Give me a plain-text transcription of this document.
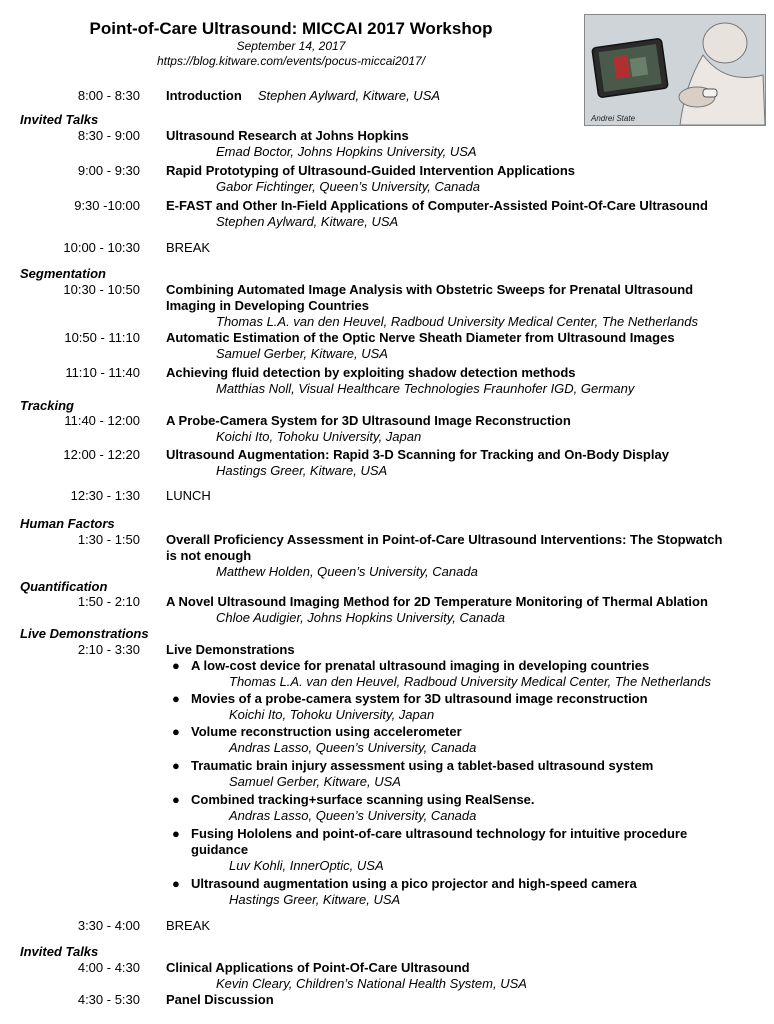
Point-of-Care Ultrasound: MICCAI 2017 Workshop
September 14, 2017
https://blog.kitware.com/events/pocus-miccai2017/
Andrei State
8:00 - 8:30 Introduction Stephen Aylward, Kitware, USA
Invited Talks
8:30 - 9:00 Ultrasound Research at Johns Hopkins
Emad Boctor, Johns Hopkins University, USA
9:00 - 9:30 Rapid Prototyping of Ultrasound-Guided Intervention Applications
Gabor Fichtinger, Queen’s University, Canada
9:30 -10:00 E-FAST and Other In-Field Applications of Computer-Assisted Point-Of-Care Ultrasound
Stephen Aylward, Kitware, USA
10:00 - 10:30 BREAK
Segmentation
10:30 - 10:50 Combining Automated Image Analysis with Obstetric Sweeps for Prenatal Ultrasound
Imaging in Developing Countries
Thomas L.A. van den Heuvel, Radboud University Medical Center, The Netherlands
10:50 - 11:10 Automatic Estimation of the Optic Nerve Sheath Diameter from Ultrasound Images
Samuel Gerber, Kitware, USA
11:10 - 11:40 Achieving fluid detection by exploiting shadow detection methods
Matthias Noll, Visual Healthcare Technologies Fraunhofer IGD, Germany
Tracking
11:40 - 12:00 A Probe-Camera System for 3D Ultrasound Image Reconstruction
Koichi Ito, Tohoku University, Japan
12:00 - 12:20 Ultrasound Augmentation: Rapid 3-D Scanning for Tracking and On-Body Display
Hastings Greer, Kitware, USA
12:30 - 1:30 LUNCH
Human Factors
1:30 - 1:50 Overall Proficiency Assessment in Point-of-Care Ultrasound Interventions: The Stopwatch
is not enough
Matthew Holden, Queen’s University, Canada
Quantification
1:50 - 2:10 A Novel Ultrasound Imaging Method for 2D Temperature Monitoring of Thermal Ablation
Chloe Audigier, Johns Hopkins University, Canada
Live Demonstrations
2:10 - 3:30 Live Demonstrations
● A low-cost device for prenatal ultrasound imaging in developing countries
Thomas L.A. van den Heuvel, Radboud University Medical Center, The Netherlands
● Movies of a probe-camera system for 3D ultrasound image reconstruction
Koichi Ito, Tohoku University, Japan
● Volume reconstruction using accelerometer
Andras Lasso, Queen’s University, Canada
● Traumatic brain injury assessment using a tablet-based ultrasound system
Samuel Gerber, Kitware, USA
● Combined tracking+surface scanning using RealSense.
Andras Lasso, Queen’s University, Canada
● Fusing Hololens and point-of-care ultrasound technology for intuitive procedure
guidance
Luv Kohli, InnerOptic, USA
● Ultrasound augmentation using a pico projector and high-speed camera
Hastings Greer, Kitware, USA
3:30 - 4:00 BREAK
Invited Talks
4:00 - 4:30 Clinical Applications of Point-Of-Care Ultrasound
Kevin Cleary, Children’s National Health System, USA
4:30 - 5:30 Panel Discussion
